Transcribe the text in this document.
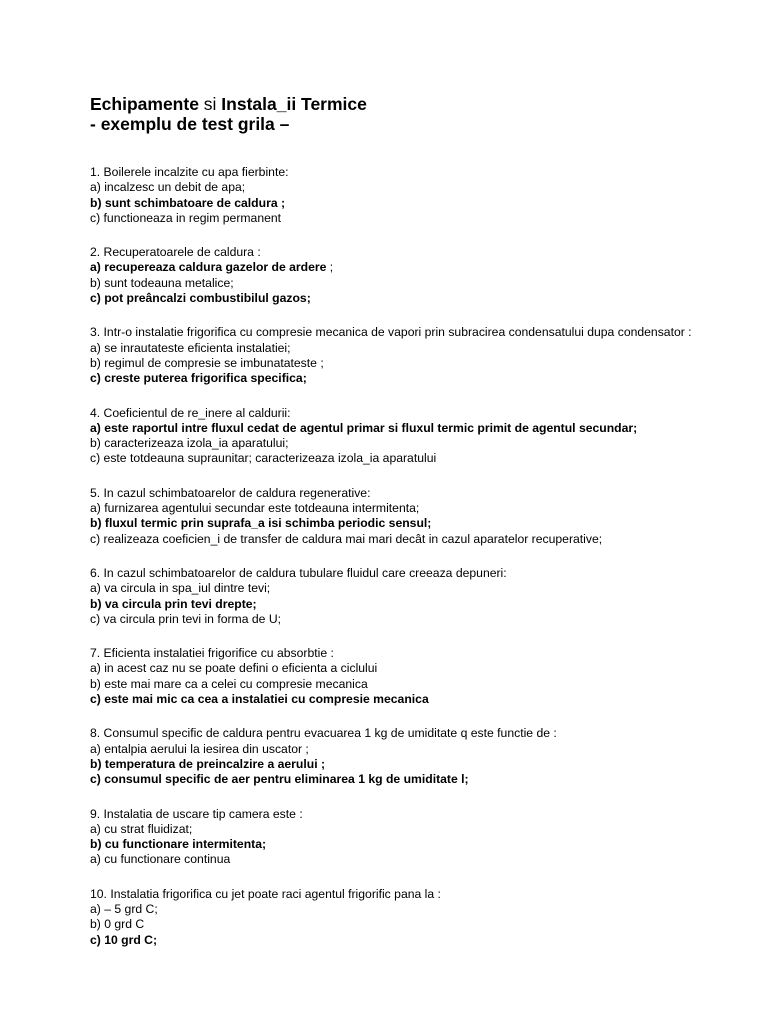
Echipamente si Instala_ii Termice
- exemplu de test grila –
1. Boilerele incalzite cu apa fierbinte:
a) incalzesc un debit de apa;
b) sunt schimbatoare de caldura ;
c) functioneaza in regim permanent
2. Recuperatoarele de caldura :
a) recupereaza caldura gazelor de ardere ;
b) sunt todeauna metalice;
c) pot preâncalzi combustibilul gazos;
3. Intr-o instalatie frigorifica cu compresie mecanica de vapori prin subracirea condensatului dupa condensator :
a) se inrautateste eficienta instalatiei;
b) regimul de compresie se imbunatateste ;
c) creste puterea frigorifica specifica;
4. Coeficientul de re_inere al caldurii:
a) este raportul intre fluxul cedat de agentul primar si fluxul termic primit de agentul secundar;
b) caracterizeaza izola_ia aparatului;
c) este totdeauna supraunitar; caracterizeaza izola_ia aparatului
5. In cazul schimbatoarelor de caldura regenerative:
a) furnizarea agentului secundar este totdeauna intermitenta;
b) fluxul termic prin suprafa_a isi schimba periodic sensul;
c) realizeaza coeficien_i de transfer de caldura mai mari decât in cazul aparatelor recuperative;
6. In cazul schimbatoarelor de caldura tubulare fluidul care creeaza depuneri:
a) va circula in spa_iul dintre tevi;
b) va circula prin tevi drepte;
c) va circula prin tevi in forma de U;
7. Eficienta instalatiei frigorifice cu absorbtie :
a) in acest caz nu se poate defini o eficienta a ciclului
b) este mai mare ca a celei cu compresie mecanica
c) este mai mic ca cea a instalatiei cu compresie mecanica
8. Consumul specific de caldura pentru evacuarea 1 kg de umiditate q este functie de :
a) entalpia aerului la iesirea din uscator ;
b) temperatura de preincalzire a aerului ;
c) consumul specific de aer pentru eliminarea 1 kg de umiditate l;
9. Instalatia de uscare tip camera este :
a) cu strat fluidizat;
b) cu functionare intermitenta;
a) cu functionare continua
10. Instalatia frigorifica cu jet poate raci agentul frigorific pana la :
a) – 5 grd C;
b) 0 grd C
c) 10 grd C;
